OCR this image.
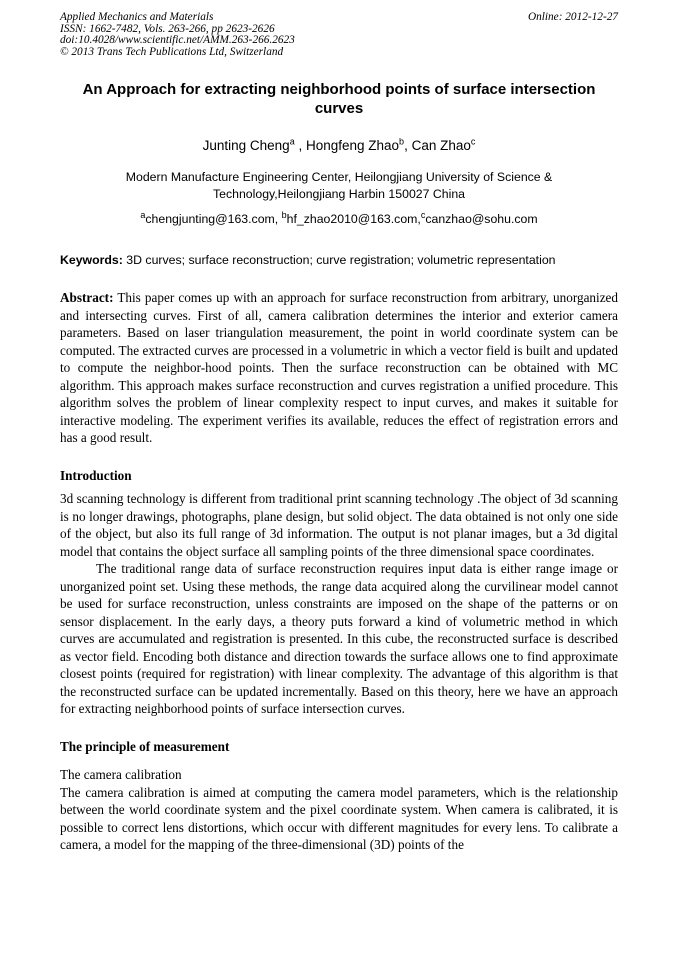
Applied Mechanics and Materials
ISSN: 1662-7482, Vols. 263-266, pp 2623-2626
doi:10.4028/www.scientific.net/AMM.263-266.2623
© 2013 Trans Tech Publications Ltd, Switzerland
Online: 2012-12-27
An Approach for extracting neighborhood points of surface intersection
curves
Junting Cheng$^a$ , Hongfeng Zhao$^b$, Can Zhao$^c$
Modern Manufacture Engineering Center, Heilongjiang University of Science &
Technology,Heilongjiang Harbin 150027 China
$^a$chengjunting@163.com, $^b$hf_zhao2010@163.com,$^c$canzhao@sohu.com
Keywords: 3D curves; surface reconstruction; curve registration; volumetric representation

Abstract: This paper comes up with an approach for surface reconstruction from arbitrary, unorganized and intersecting curves. First of all, camera calibration determines the interior and exterior camera parameters. Based on laser triangulation measurement, the point in world coordinate system can be computed. The extracted curves are processed in a volumetric in which a vector field is built and updated to compute the neighbor-hood points. Then the surface reconstruction can be obtained with MC algorithm. This approach makes surface reconstruction and curves registration a unified procedure. This algorithm solves the problem of linear complexity respect to input curves, and makes it suitable for interactive modeling. The experiment verifies its available, reduces the effect of registration errors and has a good result.

Introduction

3d scanning technology is different from traditional print scanning technology .The object of 3d scanning is no longer drawings, photographs, plane design, but solid object. The data obtained is not only one side of the object, but also its full range of 3d information. The output is not planar images, but a 3d digital model that contains the object surface all sampling points of the three dimensional space coordinates.

The traditional range data of surface reconstruction requires input data is either range image or unorganized point set. Using these methods, the range data acquired along the curvilinear model cannot be used for surface reconstruction, unless constraints are imposed on the shape of the patterns or on sensor displacement. In the early days, a theory puts forward a kind of volumetric method in which curves are accumulated and registration is presented. In this cube, the reconstructed surface is described as vector field. Encoding both distance and direction towards the surface allows one to find approximate closest points (required for registration) with linear complexity. The advantage of this algorithm is that the reconstructed surface can be updated incrementally. Based on this theory, here we have an approach for extracting neighborhood points of surface intersection curves.

The principle of measurement
The camera calibration

The camera calibration is aimed at computing the camera model parameters, which is the relationship between the world coordinate system and the pixel coordinate system. When camera is calibrated, it is possible to correct lens distortions, which occur with different magnitudes for every lens. To calibrate a camera, a model for the mapping of the three-dimensional (3D) points of the
